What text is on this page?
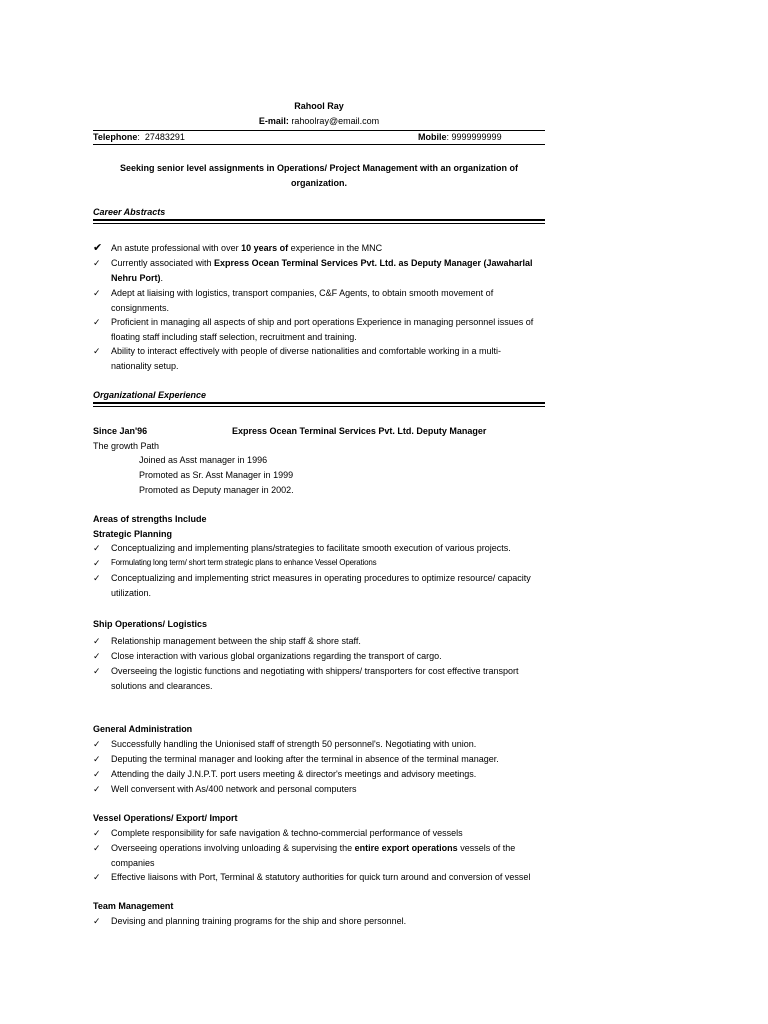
Rahool Ray
E-mail: rahoolray@email.com
Telephone:  27483291	Mobile: 9999999999
Seeking senior level assignments in Operations/ Project Management with an organization of
organization.
Career Abstracts
✔ An astute professional with over 10 years of experience in the MNC
✓	Currently associated with Express Ocean Terminal Services Pvt. Ltd. as Deputy Manager (Jawaharlal
Nehru Port).
✓	Adept at liaising with logistics, transport companies, C&F Agents, to obtain smooth movement of
consignments.
✓	Proficient in managing all aspects of ship and port operations Experience in managing personnel issues of
floating staff including staff selection, recruitment and training.
✓	Ability to interact effectively with people of diverse nationalities and comfortable working in a multi-
nationality setup.
Organizational Experience
Since Jan'96	Express Ocean Terminal Services Pvt. Ltd. Deputy Manager
The growth Path
Joined as Asst manager in 1996
Promoted as Sr. Asst Manager in 1999
Promoted as Deputy manager in 2002.
Areas of strengths Include
Strategic Planning
✓	Conceptualizing and implementing plans/strategies to facilitate smooth execution of various projects.
✓	Formulating long term/ short term strategic plans to enhance Vessel Operations
✓	Conceptualizing and implementing strict measures in operating procedures to optimize resource/ capacity
utilization.
Ship Operations/ Logistics
✓	Relationship management between the ship staff & shore staff.
✓	Close interaction with various global organizations regarding the transport of cargo.
✓	Overseeing the logistic functions and negotiating with shippers/ transporters for cost effective transport
solutions and clearances.
General Administration
✓	Successfully handling the Unionised staff of strength 50 personnel's. Negotiating with union.
✓	Deputing the terminal manager and looking after the terminal in absence of the terminal manager.
✓	Attending the daily J.N.P.T. port users meeting & director's meetings and advisory meetings.
✓	Well conversent with As/400 network and personal computers
Vessel Operations/ Export/ Import
✓	Complete responsibility for safe navigation & techno-commercial performance of vessels
✓	Overseeing operations involving unloading & supervising the entire export operations vessels of the
companies
✓	Effective liaisons with Port, Terminal & statutory authorities for quick turn around and conversion of vessel
Team Management
✓	Devising and planning training programs for the ship and shore personnel.
